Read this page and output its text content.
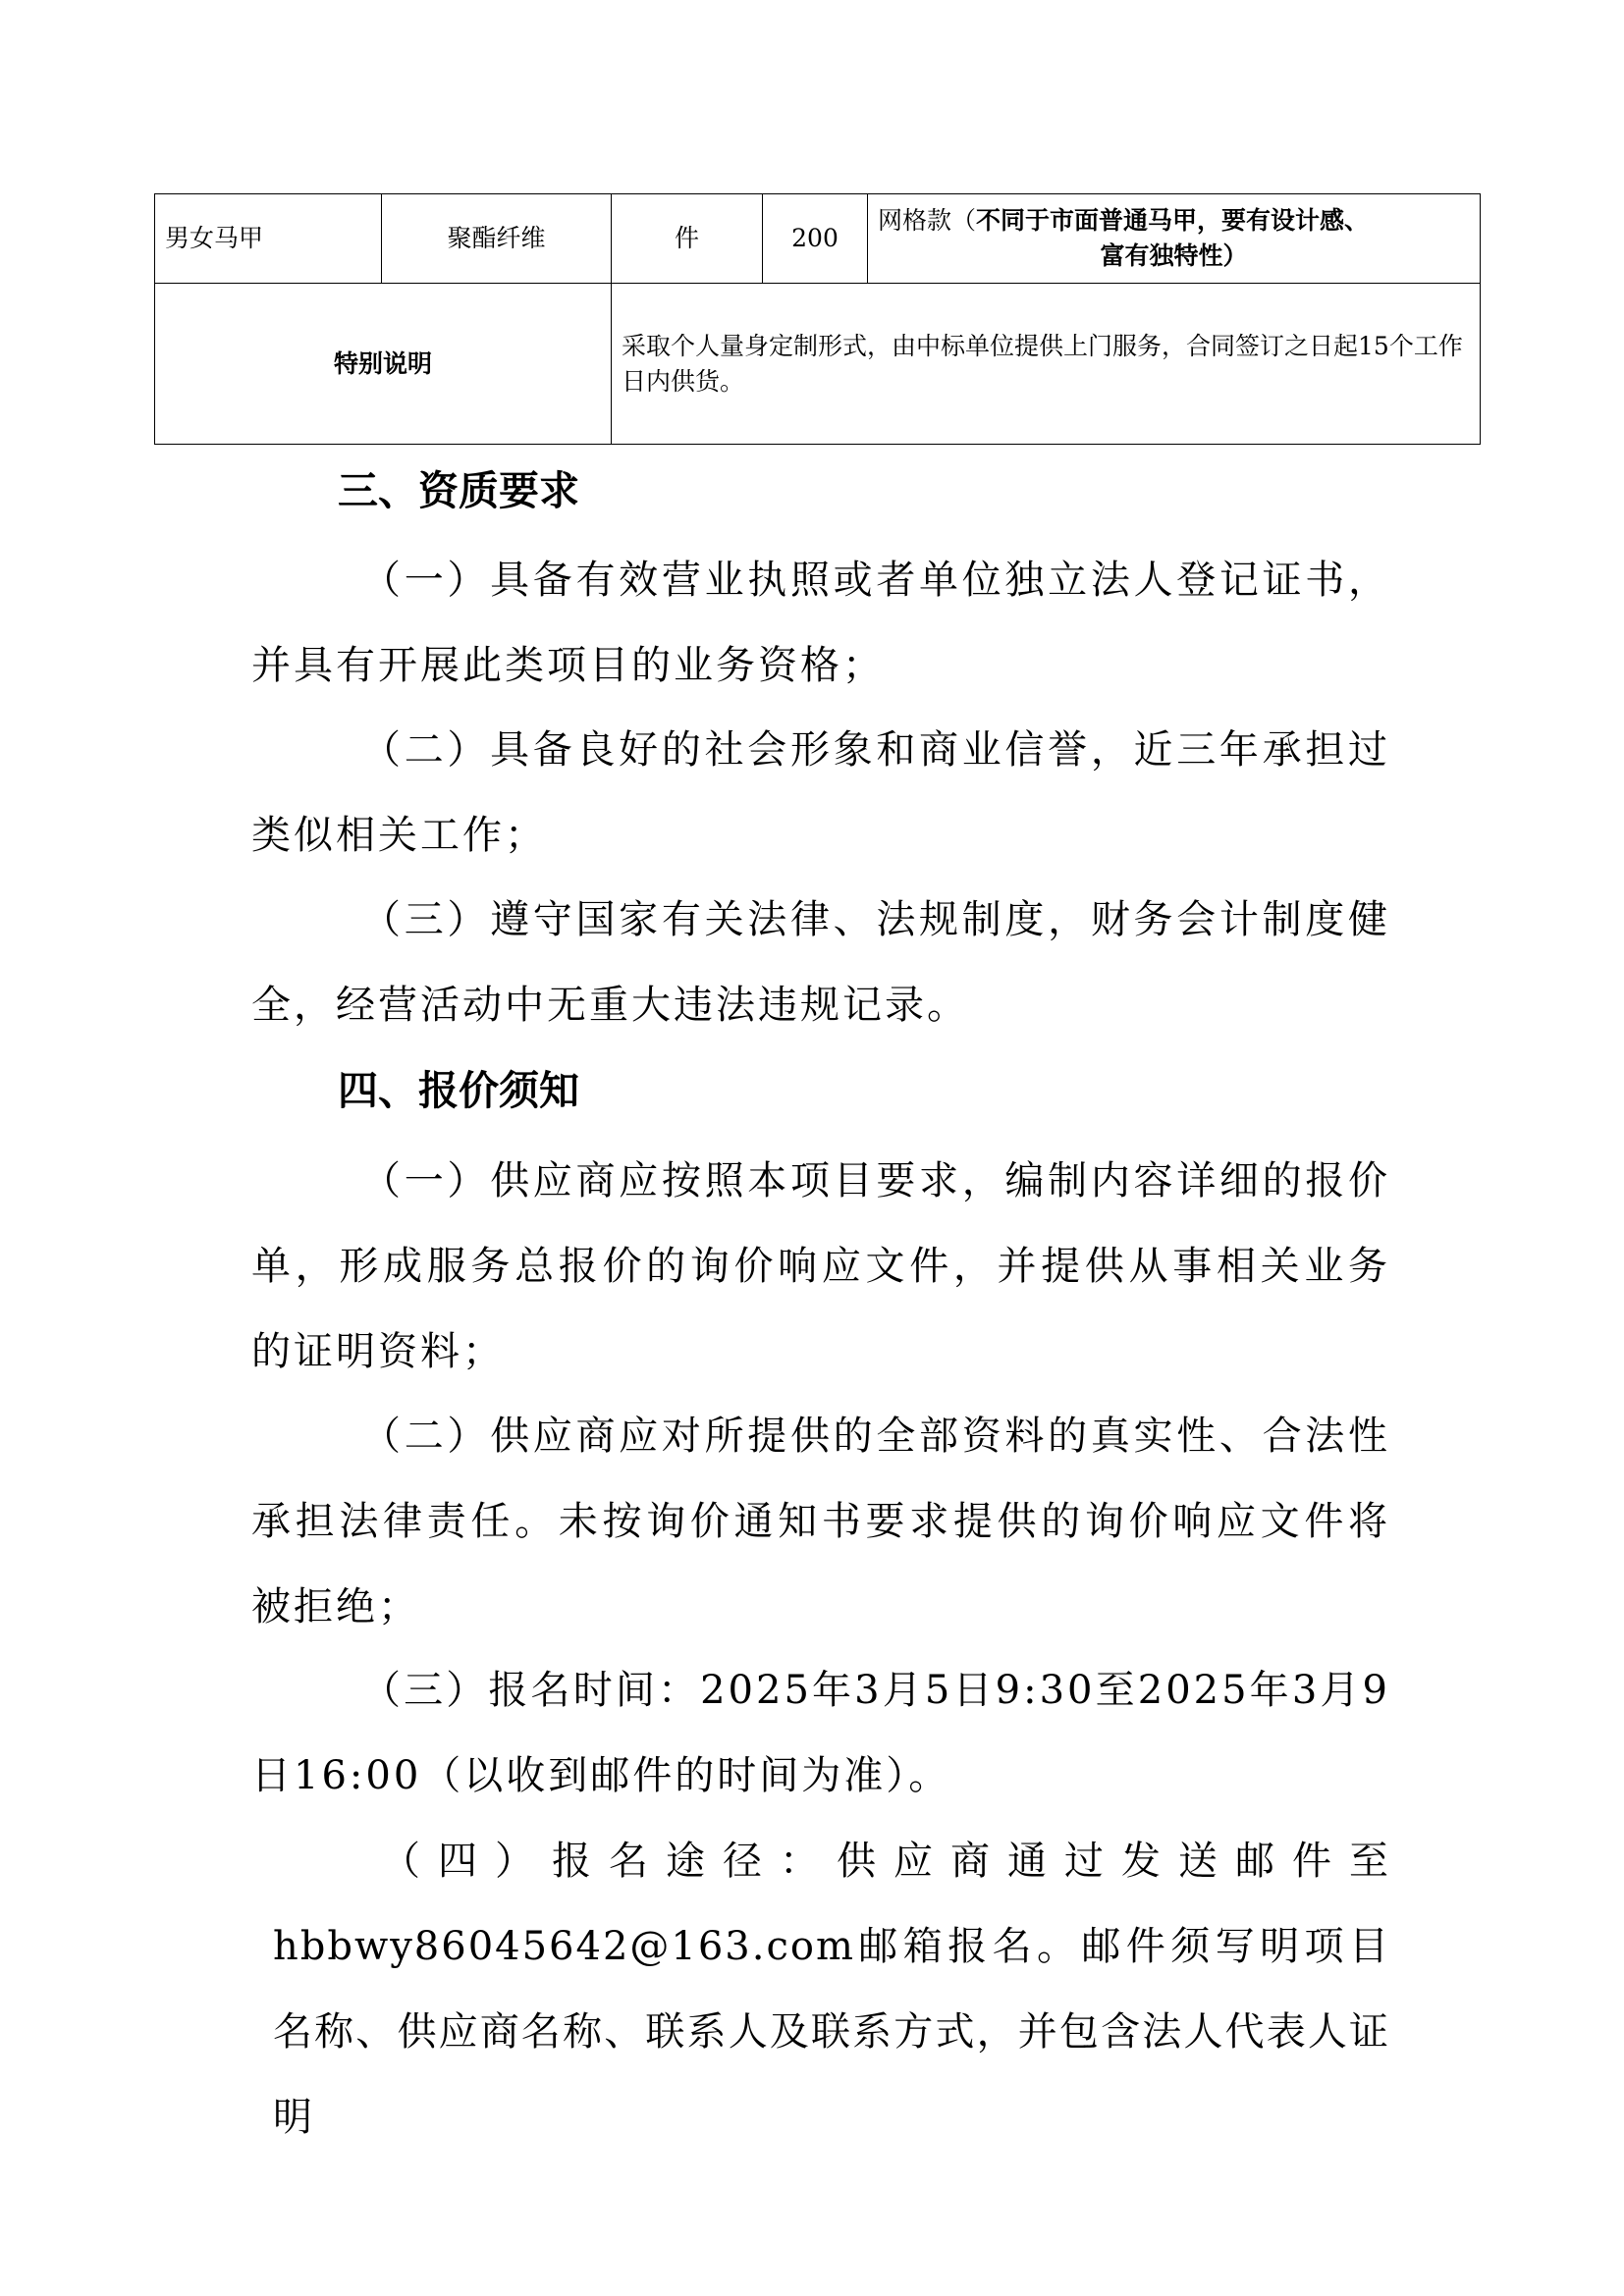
男女马甲	聚酯纤维	件	200	网格款（不同于市面普通马甲，要有设计感、
富有独特性）

特别说明		采取个人量身定制形式，由中标单位提供上门服务，合同签订之日起15个工作日内供货。		
三、资质要求
（一）具备有效营业执照或者单位独立法人登记证书，并具有开展此类项目的业务资格；
（二）具备良好的社会形象和商业信誉，近三年承担过类似相关工作；
（三）遵守国家有关法律、法规制度，财务会计制度健全，经营活动中无重大违法违规记录。
四、报价须知
（一）供应商应按照本项目要求，编制内容详细的报价单，形成服务总报价的询价响应文件，并提供从事相关业务的证明资料；
（二）供应商应对所提供的全部资料的真实性、合法性承担法律责任。未按询价通知书要求提供的询价响应文件将被拒绝；
（三）报名时间：2025年3月5日9:30至2025年3月9日16:00（以收到邮件的时间为准）。
（四）报名途径：供应商通过发送邮件至hbbwy86045642@163.com邮箱报名。邮件须写明项目名称、供应商名称、联系人及联系方式，并包含法人代表人证明
